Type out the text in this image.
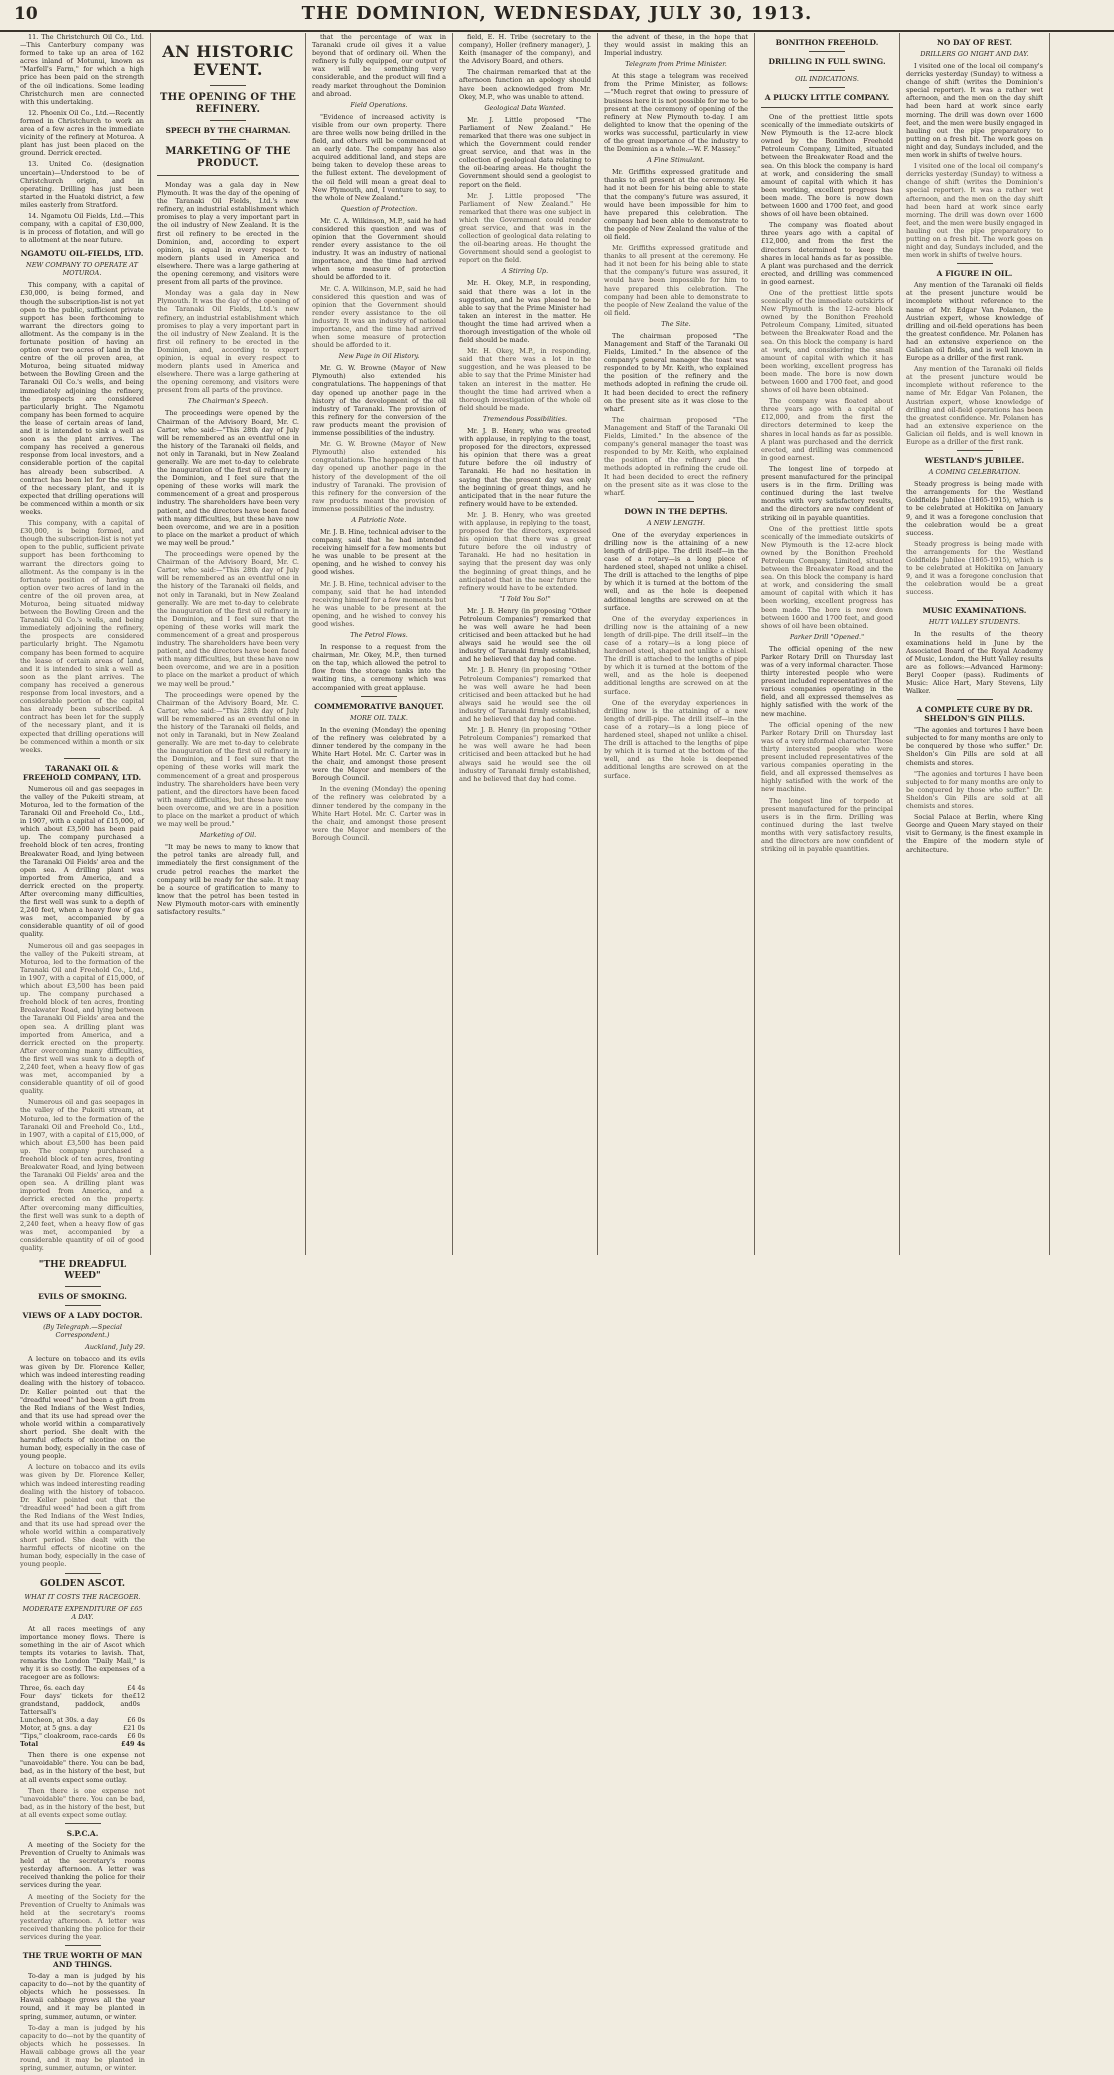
10	THE DOMINION, WEDNESDAY, JULY 30, 1913.

11. The Christchurch Oil Co., Ltd.—This Canterbury company was formed to take up an area of 162 acres inland of Motunui, known as "Marfell's Farm," for which a high price has been paid on the strength of the oil indications. Some leading Christchurch men are connected with this undertaking.

12. Phoenix Oil Co., Ltd.—Recently formed in Christchurch to work an area of a few acres in the immediate vicinity of the refinery at Moturoa. A plant has just been placed on the ground. Derrick erected.

13. United Co. (designation uncertain)—Understood to be of Christchurch origin, and in operating. Drilling has just been started in the Huatoki district, a few miles easterly from Stratford.

14. Ngamotu Oil Fields, Ltd.—This company, with a capital of £30,000, is in process of flotation, and will go to allotment at the near future.

NGAMOTU OIL-FIELDS, LTD.
NEW COMPANY TO OPERATE AT MOTUROA.

This company, with a capital of £30,000, is being formed, and though the subscription-list is not yet open to the public, sufficient private support has been forthcoming to warrant the directors going to allotment. As the company is in the fortunate position of having an option over two acres of land in the centre of the oil proven area, at Moturoa, being situated midway between the Bowling Green and the Taranaki Oil Co.'s wells, and being immediately adjoining the refinery, the prospects are considered particularly bright. The Ngamotu company has been formed to acquire the lease of certain areas of land, and it is intended to sink a well as soon as the plant arrives. The company has received a generous response from local investors, and a considerable portion of the capital has already been subscribed. A contract has been let for the supply of the necessary plant, and it is expected that drilling operations will be commenced within a month or six weeks.

This company, with a capital of £30,000, is being formed, and though the subscription-list is not yet open to the public, sufficient private support has been forthcoming to warrant the directors going to allotment. As the company is in the fortunate position of having an option over two acres of land in the centre of the oil proven area, at Moturoa, being situated midway between the Bowling Green and the Taranaki Oil Co.'s wells, and being immediately adjoining the refinery, the prospects are considered particularly bright. The Ngamotu company has been formed to acquire the lease of certain areas of land, and it is intended to sink a well as soon as the plant arrives. The company has received a generous response from local investors, and a considerable portion of the capital has already been subscribed. A contract has been let for the supply of the necessary plant, and it is expected that drilling operations will be commenced within a month or six weeks.

TARANAKI OIL & FREEHOLD COMPANY, LTD.

Numerous oil and gas seepages in the valley of the Pukeiti stream, at Moturoa, led to the formation of the Taranaki Oil and Freehold Co., Ltd., in 1907, with a capital of £15,000, of which about £3,500 has been paid up. The company purchased a freehold block of ten acres, fronting Breakwater Road, and lying between the Taranaki Oil Fields' area and the open sea. A drilling plant was imported from America, and a derrick erected on the property. After overcoming many difficulties, the first well was sunk to a depth of 2,240 feet, when a heavy flow of gas was met, accompanied by a considerable quantity of oil of good quality.

Numerous oil and gas seepages in the valley of the Pukeiti stream, at Moturoa, led to the formation of the Taranaki Oil and Freehold Co., Ltd., in 1907, with a capital of £15,000, of which about £3,500 has been paid up. The company purchased a freehold block of ten acres, fronting Breakwater Road, and lying between the Taranaki Oil Fields' area and the open sea. A drilling plant was imported from America, and a derrick erected on the property. After overcoming many difficulties, the first well was sunk to a depth of 2,240 feet, when a heavy flow of gas was met, accompanied by a considerable quantity of oil of good quality.

Numerous oil and gas seepages in the valley of the Pukeiti stream, at Moturoa, led to the formation of the Taranaki Oil and Freehold Co., Ltd., in 1907, with a capital of £15,000, of which about £3,500 has been paid up. The company purchased a freehold block of ten acres, fronting Breakwater Road, and lying between the Taranaki Oil Fields' area and the open sea. A drilling plant was imported from America, and a derrick erected on the property. After overcoming many difficulties, the first well was sunk to a depth of 2,240 feet, when a heavy flow of gas was met, accompanied by a considerable quantity of oil of good quality.

AN HISTORIC EVENT.
THE OPENING OF THE REFINERY.
SPEECH BY THE CHAIRMAN.
MARKETING OF THE PRODUCT.

Monday was a gala day in New Plymouth. It was the day of the opening of the Taranaki Oil Fields, Ltd.'s new refinery, an industrial establishment which promises to play a very important part in the oil industry of New Zealand. It is the first oil refinery to be erected in the Dominion, and, according to expert opinion, is equal in every respect to modern plants used in America and elsewhere. There was a large gathering at the opening ceremony, and visitors were present from all parts of the province.

Monday was a gala day in New Plymouth. It was the day of the opening of the Taranaki Oil Fields, Ltd.'s new refinery, an industrial establishment which promises to play a very important part in the oil industry of New Zealand. It is the first oil refinery to be erected in the Dominion, and, according to expert opinion, is equal in every respect to modern plants used in America and elsewhere. There was a large gathering at the opening ceremony, and visitors were present from all parts of the province.

The Chairman's Speech.

The proceedings were opened by the Chairman of the Advisory Board, Mr. C. Carter, who said:—"This 28th day of July will be remembered as an eventful one in the history of the Taranaki oil fields, and not only in Taranaki, but in New Zealand generally. We are met to-day to celebrate the inauguration of the first oil refinery in the Dominion, and I feel sure that the opening of these works will mark the commencement of a great and prosperous industry. The shareholders have been very patient, and the directors have been faced with many difficulties, but these have now been overcome, and we are in a position to place on the market a product of which we may well be proud."

The proceedings were opened by the Chairman of the Advisory Board, Mr. C. Carter, who said:—"This 28th day of July will be remembered as an eventful one in the history of the Taranaki oil fields, and not only in Taranaki, but in New Zealand generally. We are met to-day to celebrate the inauguration of the first oil refinery in the Dominion, and I feel sure that the opening of these works will mark the commencement of a great and prosperous industry. The shareholders have been very patient, and the directors have been faced with many difficulties, but these have now been overcome, and we are in a position to place on the market a product of which we may well be proud."

The proceedings were opened by the Chairman of the Advisory Board, Mr. C. Carter, who said:—"This 28th day of July will be remembered as an eventful one in the history of the Taranaki oil fields, and not only in Taranaki, but in New Zealand generally. We are met to-day to celebrate the inauguration of the first oil refinery in the Dominion, and I feel sure that the opening of these works will mark the commencement of a great and prosperous industry. The shareholders have been very patient, and the directors have been faced with many difficulties, but these have now been overcome, and we are in a position to place on the market a product of which we may well be proud."

Marketing of Oil.

"It may be news to many to know that the petrol tanks are already full, and immediately the first consignment of the crude petrol reaches the market the company will be ready for the sale. It may be a source of gratification to many to know that the petrol has been tested in New Plymouth motor-cars with eminently satisfactory results."

that the percentage of wax in Taranaki crude oil gives it a value beyond that of ordinary oil. When the refinery is fully equipped, our output of wax will be something very considerable, and the product will find a ready market throughout the Dominion and abroad.

Field Operations.

"Evidence of increased activity is visible from our own property. There are three wells now being drilled in the field, and others will be commenced at an early date. The company has also acquired additional land, and steps are being taken to develop these areas to the fullest extent. The development of the oil field will mean a great deal to New Plymouth, and, I venture to say, to the whole of New Zealand."

Question of Protection.

Mr. C. A. Wilkinson, M.P., said he had considered this question and was of opinion that the Government should render every assistance to the oil industry. It was an industry of national importance, and the time had arrived when some measure of protection should be afforded to it.

Mr. C. A. Wilkinson, M.P., said he had considered this question and was of opinion that the Government should render every assistance to the oil industry. It was an industry of national importance, and the time had arrived when some measure of protection should be afforded to it.

New Page in Oil History.

Mr. G. W. Browne (Mayor of New Plymouth) also extended his congratulations. The happenings of that day opened up another page in the history of the development of the oil industry of Taranaki. The provision of this refinery for the conversion of the raw products meant the provision of immense possibilities of the industry.

Mr. G. W. Browne (Mayor of New Plymouth) also extended his congratulations. The happenings of that day opened up another page in the history of the development of the oil industry of Taranaki. The provision of this refinery for the conversion of the raw products meant the provision of immense possibilities of the industry.

A Patriotic Note.

Mr. J. B. Hine, technical adviser to the company, said that he had intended receiving himself for a few moments but he was unable to be present at the opening, and he wished to convey his good wishes.

Mr. J. B. Hine, technical adviser to the company, said that he had intended receiving himself for a few moments but he was unable to be present at the opening, and he wished to convey his good wishes.

The Petrol Flows.

In response to a request from the chairman, Mr. Okey, M.P., then turned on the tap, which allowed the petrol to flow from the storage tanks into the waiting tins, a ceremony which was accompanied with great applause.

COMMEMORATIVE BANQUET.
MORE OIL TALK.

In the evening (Monday) the opening of the refinery was celebrated by a dinner tendered by the company in the White Hart Hotel. Mr. C. Carter was in the chair, and amongst those present were the Mayor and members of the Borough Council.

In the evening (Monday) the opening of the refinery was celebrated by a dinner tendered by the company in the White Hart Hotel. Mr. C. Carter was in the chair, and amongst those present were the Mayor and members of the Borough Council.

field, E. H. Tribe (secretary to the company), Holler (refinery manager), J. Keith (manager of the company), and the Advisory Board, and others.

The chairman remarked that at the afternoon function an apology should have been acknowledged from Mr. Okey, M.P., who was unable to attend.

Geological Data Wanted.

Mr. J. Little proposed "The Parliament of New Zealand." He remarked that there was one subject in which the Government could render great service, and that was in the collection of geological data relating to the oil-bearing areas. He thought the Government should send a geologist to report on the field.

Mr. J. Little proposed "The Parliament of New Zealand." He remarked that there was one subject in which the Government could render great service, and that was in the collection of geological data relating to the oil-bearing areas. He thought the Government should send a geologist to report on the field.

A Stirring Up.

Mr. H. Okey, M.P., in responding, said that there was a lot in the suggestion, and he was pleased to be able to say that the Prime Minister had taken an interest in the matter. He thought the time had arrived when a thorough investigation of the whole oil field should be made.

Mr. H. Okey, M.P., in responding, said that there was a lot in the suggestion, and he was pleased to be able to say that the Prime Minister had taken an interest in the matter. He thought the time had arrived when a thorough investigation of the whole oil field should be made.

Tremendous Possibilities.

Mr. J. B. Henry, who was greeted with applause, in replying to the toast, proposed for the directors, expressed his opinion that there was a great future before the oil industry of Taranaki. He had no hesitation in saying that the present day was only the beginning of great things, and he anticipated that in the near future the refinery would have to be extended.

Mr. J. B. Henry, who was greeted with applause, in replying to the toast, proposed for the directors, expressed his opinion that there was a great future before the oil industry of Taranaki. He had no hesitation in saying that the present day was only the beginning of great things, and he anticipated that in the near future the refinery would have to be extended.

"I Told You So!"

Mr. J. B. Henry (in proposing "Other Petroleum Companies") remarked that he was well aware he had been criticised and been attacked but he had always said he would see the oil industry of Taranaki firmly established, and he believed that day had come.

Mr. J. B. Henry (in proposing "Other Petroleum Companies") remarked that he was well aware he had been criticised and been attacked but he had always said he would see the oil industry of Taranaki firmly established, and he believed that day had come.

Mr. J. B. Henry (in proposing "Other Petroleum Companies") remarked that he was well aware he had been criticised and been attacked but he had always said he would see the oil industry of Taranaki firmly established, and he believed that day had come.

the advent of these, in the hope that they would assist in making this an Imperial industry.

Telegram from Prime Minister.

At this stage a telegram was received from the Prime Minister, as follows:—"Much regret that owing to pressure of business here it is not possible for me to be present at the ceremony of opening of the refinery at New Plymouth to-day. I am delighted to know that the opening of the works was successful, particularly in view of the great importance of the industry to the Dominion as a whole.—W. F. Massey."

A Fine Stimulant.

Mr. Griffiths expressed gratitude and thanks to all present at the ceremony. He had it not been for his being able to state that the company's future was assured, it would have been impossible for him to have prepared this celebration. The company had been able to demonstrate to the people of New Zealand the value of the oil field.

Mr. Griffiths expressed gratitude and thanks to all present at the ceremony. He had it not been for his being able to state that the company's future was assured, it would have been impossible for him to have prepared this celebration. The company had been able to demonstrate to the people of New Zealand the value of the oil field.

The Site.

The chairman proposed "The Management and Staff of the Taranaki Oil Fields, Limited." In the absence of the company's general manager the toast was responded to by Mr. Keith, who explained the position of the refinery and the methods adopted in refining the crude oil. It had been decided to erect the refinery on the present site as it was close to the wharf.

The chairman proposed "The Management and Staff of the Taranaki Oil Fields, Limited." In the absence of the company's general manager the toast was responded to by Mr. Keith, who explained the position of the refinery and the methods adopted in refining the crude oil. It had been decided to erect the refinery on the present site as it was close to the wharf.

DOWN IN THE DEPTHS.
A NEW LENGTH.

One of the everyday experiences in drilling now is the attaining of a new length of drill-pipe. The drill itself—in the case of a rotary—is a long piece of hardened steel, shaped not unlike a chisel. The drill is attached to the lengths of pipe by which it is turned at the bottom of the well, and as the hole is deepened additional lengths are screwed on at the surface.

One of the everyday experiences in drilling now is the attaining of a new length of drill-pipe. The drill itself—in the case of a rotary—is a long piece of hardened steel, shaped not unlike a chisel. The drill is attached to the lengths of pipe by which it is turned at the bottom of the well, and as the hole is deepened additional lengths are screwed on at the surface.

One of the everyday experiences in drilling now is the attaining of a new length of drill-pipe. The drill itself—in the case of a rotary—is a long piece of hardened steel, shaped not unlike a chisel. The drill is attached to the lengths of pipe by which it is turned at the bottom of the well, and as the hole is deepened additional lengths are screwed on at the surface.

BONITHON FREEHOLD.
DRILLING IN FULL SWING.
OIL INDICATIONS.
A PLUCKY LITTLE COMPANY.

One of the prettiest little spots scenically of the immediate outskirts of New Plymouth is the 12-acre block owned by the Bonithon Freehold Petroleum Company, Limited, situated between the Breakwater Road and the sea. On this block the company is hard at work, and considering the small amount of capital with which it has been working, excellent progress has been made. The bore is now down between 1600 and 1700 feet, and good shows of oil have been obtained.

The company was floated about three years ago with a capital of £12,000, and from the first the directors determined to keep the shares in local hands as far as possible. A plant was purchased and the derrick erected, and drilling was commenced in good earnest.

One of the prettiest little spots scenically of the immediate outskirts of New Plymouth is the 12-acre block owned by the Bonithon Freehold Petroleum Company, Limited, situated between the Breakwater Road and the sea. On this block the company is hard at work, and considering the small amount of capital with which it has been working, excellent progress has been made. The bore is now down between 1600 and 1700 feet, and good shows of oil have been obtained.

The company was floated about three years ago with a capital of £12,000, and from the first the directors determined to keep the shares in local hands as far as possible. A plant was purchased and the derrick erected, and drilling was commenced in good earnest.

The longest line of torpedo at present manufactured for the principal users is in the firm. Drilling was continued during the last twelve months with very satisfactory results, and the directors are now confident of striking oil in payable quantities.

One of the prettiest little spots scenically of the immediate outskirts of New Plymouth is the 12-acre block owned by the Bonithon Freehold Petroleum Company, Limited, situated between the Breakwater Road and the sea. On this block the company is hard at work, and considering the small amount of capital with which it has been working, excellent progress has been made. The bore is now down between 1600 and 1700 feet, and good shows of oil have been obtained.

Parker Drill "Opened."

The official opening of the new Parker Rotary Drill on Thursday last was of a very informal character. Those thirty interested people who were present included representatives of the various companies operating in the field, and all expressed themselves as highly satisfied with the work of the new machine.

The official opening of the new Parker Rotary Drill on Thursday last was of a very informal character. Those thirty interested people who were present included representatives of the various companies operating in the field, and all expressed themselves as highly satisfied with the work of the new machine.

The longest line of torpedo at present manufactured for the principal users is in the firm. Drilling was continued during the last twelve months with very satisfactory results, and the directors are now confident of striking oil in payable quantities.

NO DAY OF REST.
DRILLERS GO NIGHT AND DAY.

I visited one of the local oil company's derricks yesterday (Sunday) to witness a change of shift (writes the Dominion's special reporter). It was a rather wet afternoon, and the men on the day shift had been hard at work since early morning. The drill was down over 1600 feet, and the men were busily engaged in hauling out the pipe preparatory to putting on a fresh bit. The work goes on night and day, Sundays included, and the men work in shifts of twelve hours.

I visited one of the local oil company's derricks yesterday (Sunday) to witness a change of shift (writes the Dominion's special reporter). It was a rather wet afternoon, and the men on the day shift had been hard at work since early morning. The drill was down over 1600 feet, and the men were busily engaged in hauling out the pipe preparatory to putting on a fresh bit. The work goes on night and day, Sundays included, and the men work in shifts of twelve hours.

A FIGURE IN OIL.

Any mention of the Taranaki oil fields at the present juncture would be incomplete without reference to the name of Mr. Edgar Van Polanen, the Austrian expert, whose knowledge of drilling and oil-field operations has been the greatest confidence. Mr. Polanen has had an extensive experience on the Galician oil fields, and is well known in Europe as a driller of the first rank.

Any mention of the Taranaki oil fields at the present juncture would be incomplete without reference to the name of Mr. Edgar Van Polanen, the Austrian expert, whose knowledge of drilling and oil-field operations has been the greatest confidence. Mr. Polanen has had an extensive experience on the Galician oil fields, and is well known in Europe as a driller of the first rank.

WESTLAND'S JUBILEE.
A COMING CELEBRATION.

Steady progress is being made with the arrangements for the Westland Goldfields Jubilee (1865-1915), which is to be celebrated at Hokitika on January 9, and it was a foregone conclusion that the celebration would be a great success.

Steady progress is being made with the arrangements for the Westland Goldfields Jubilee (1865-1915), which is to be celebrated at Hokitika on January 9, and it was a foregone conclusion that the celebration would be a great success.

MUSIC EXAMINATIONS.
HUTT VALLEY STUDENTS.

In the results of the theory examinations held in June by the Associated Board of the Royal Academy of Music, London, the Hutt Valley results are as follows:—Advanced Harmony: Beryl Cooper (pass). Rudiments of Music: Alice Hart, Mary Stevens, Lily Walker.

A COMPLETE CURE BY DR. SHELDON'S GIN PILLS.

"The agonies and tortures I have been subjected to for many months are only to be conquered by those who suffer." Dr. Sheldon's Gin Pills are sold at all chemists and stores.

"The agonies and tortures I have been subjected to for many months are only to be conquered by those who suffer." Dr. Sheldon's Gin Pills are sold at all chemists and stores.

Social Palace at Berlin, where King George and Queen Mary stayed on their visit to Germany, is the finest example in the Empire of the modern style of architecture.

"THE DREADFUL WEED"
EVILS OF SMOKING.
VIEWS OF A LADY DOCTOR.
(By Telegraph.—Special Correspondent.)
Auckland, July 29.

A lecture on tobacco and its evils was given by Dr. Florence Keller, which was indeed interesting reading dealing with the history of tobacco. Dr. Keller pointed out that the "dreadful weed" had been a gift from the Red Indians of the West Indies, and that its use had spread over the whole world within a comparatively short period. She dealt with the harmful effects of nicotine on the human body, especially in the case of young people.

A lecture on tobacco and its evils was given by Dr. Florence Keller, which was indeed interesting reading dealing with the history of tobacco. Dr. Keller pointed out that the "dreadful weed" had been a gift from the Red Indians of the West Indies, and that its use had spread over the whole world within a comparatively short period. She dealt with the harmful effects of nicotine on the human body, especially in the case of young people.

GOLDEN ASCOT.
WHAT IT COSTS THE RACEGOER.
MODERATE EXPENDITURE OF £65 A DAY.

At all races meetings of any importance money flows. There is something in the air of Ascot which tempts its votaries to lavish. That, remarks the London "Daily Mail," is why it is so costly. The expenses of a racegoer are as follows:

Three, 6s. each day	£4 4s
Four days' tickets for the grandstand, paddock, and Tattersall's
£12 0s
Luncheon, at 30s. a day	£6 0s
Motor, at 5 gns. a day	£21 0s
"Tips," cloakroom, race-cards £6 0s
Total	£49 4s

Then there is one expense not "unavoidable" there. You can be bad, bad, as in the history of the best, but at all events expect some outlay.

Then there is one expense not "unavoidable" there. You can be bad, bad, as in the history of the best, but at all events expect some outlay.

S.P.C.A.

A meeting of the Society for the Prevention of Cruelty to Animals was held at the secretary's rooms yesterday afternoon. A letter was received thanking the police for their services during the year.

A meeting of the Society for the Prevention of Cruelty to Animals was held at the secretary's rooms yesterday afternoon. A letter was received thanking the police for their services during the year.

THE TRUE WORTH OF MAN AND THINGS.

To-day a man is judged by his capacity to do—not by the quantity of objects which he possesses. In Hawaii cabbage grows all the year round, and it may be planted in spring, summer, autumn, or winter.

To-day a man is judged by his capacity to do—not by the quantity of objects which he possesses. In Hawaii cabbage grows all the year round, and it may be planted in spring, summer, autumn, or winter.
